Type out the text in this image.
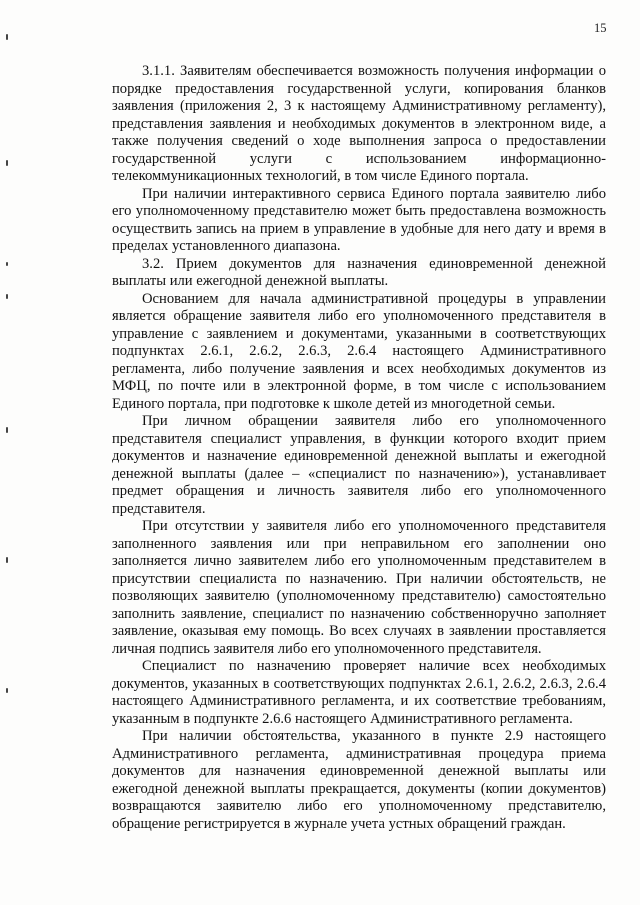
15

3.1.1. Заявителям обеспечивается возможность получения информации о порядке предоставления государственной услуги, копирования бланков заявления (приложения 2, 3 к настоящему Административному регламенту), представления заявления и необходимых документов в электронном виде, а также получения сведений о ходе выполнения запроса о предоставлении государственной услуги с использованием информационно-телекоммуникационных технологий, в том числе Единого портала.

При наличии интерактивного сервиса Единого портала заявителю либо его уполномоченному представителю может быть предоставлена возможность осуществить запись на прием в управление в удобные для него дату и время в пределах установленного диапазона.

3.2. Прием документов для назначения единовременной денежной выплаты или ежегодной денежной выплаты.

Основанием для начала административной процедуры в управлении является обращение заявителя либо его уполномоченного представителя в управление с заявлением и документами, указанными в соответствующих подпунктах 2.6.1, 2.6.2, 2.6.3, 2.6.4 настоящего Административного регламента, либо получение заявления и всех необходимых документов из МФЦ, по почте или в электронной форме, в том числе с использованием Единого портала, при подготовке к школе детей из многодетной семьи.

При личном обращении заявителя либо его уполномоченного представителя специалист управления, в функции которого входит прием документов и назначение единовременной денежной выплаты и ежегодной денежной выплаты (далее – «специалист по назначению»), устанавливает предмет обращения и личность заявителя либо его уполномоченного представителя.

При отсутствии у заявителя либо его уполномоченного представителя заполненного заявления или при неправильном его заполнении оно заполняется лично заявителем либо его уполномоченным представителем в присутствии специалиста по назначению. При наличии обстоятельств, не позволяющих заявителю (уполномоченному представителю) самостоятельно заполнить заявление, специалист по назначению собственноручно заполняет заявление, оказывая ему помощь. Во всех случаях в заявлении проставляется личная подпись заявителя либо его уполномоченного представителя.

Специалист по назначению проверяет наличие всех необходимых документов, указанных в соответствующих подпунктах 2.6.1, 2.6.2, 2.6.3, 2.6.4 настоящего Административного регламента, и их соответствие требованиям, указанным в подпункте 2.6.6 настоящего Административного регламента.

При наличии обстоятельства, указанного в пункте 2.9 настоящего Административного регламента, административная процедура приема документов для назначения единовременной денежной выплаты или ежегодной денежной выплаты прекращается, документы (копии документов) возвращаются заявителю либо его уполномоченному представителю, обращение регистрируется в журнале учета устных обращений граждан.
